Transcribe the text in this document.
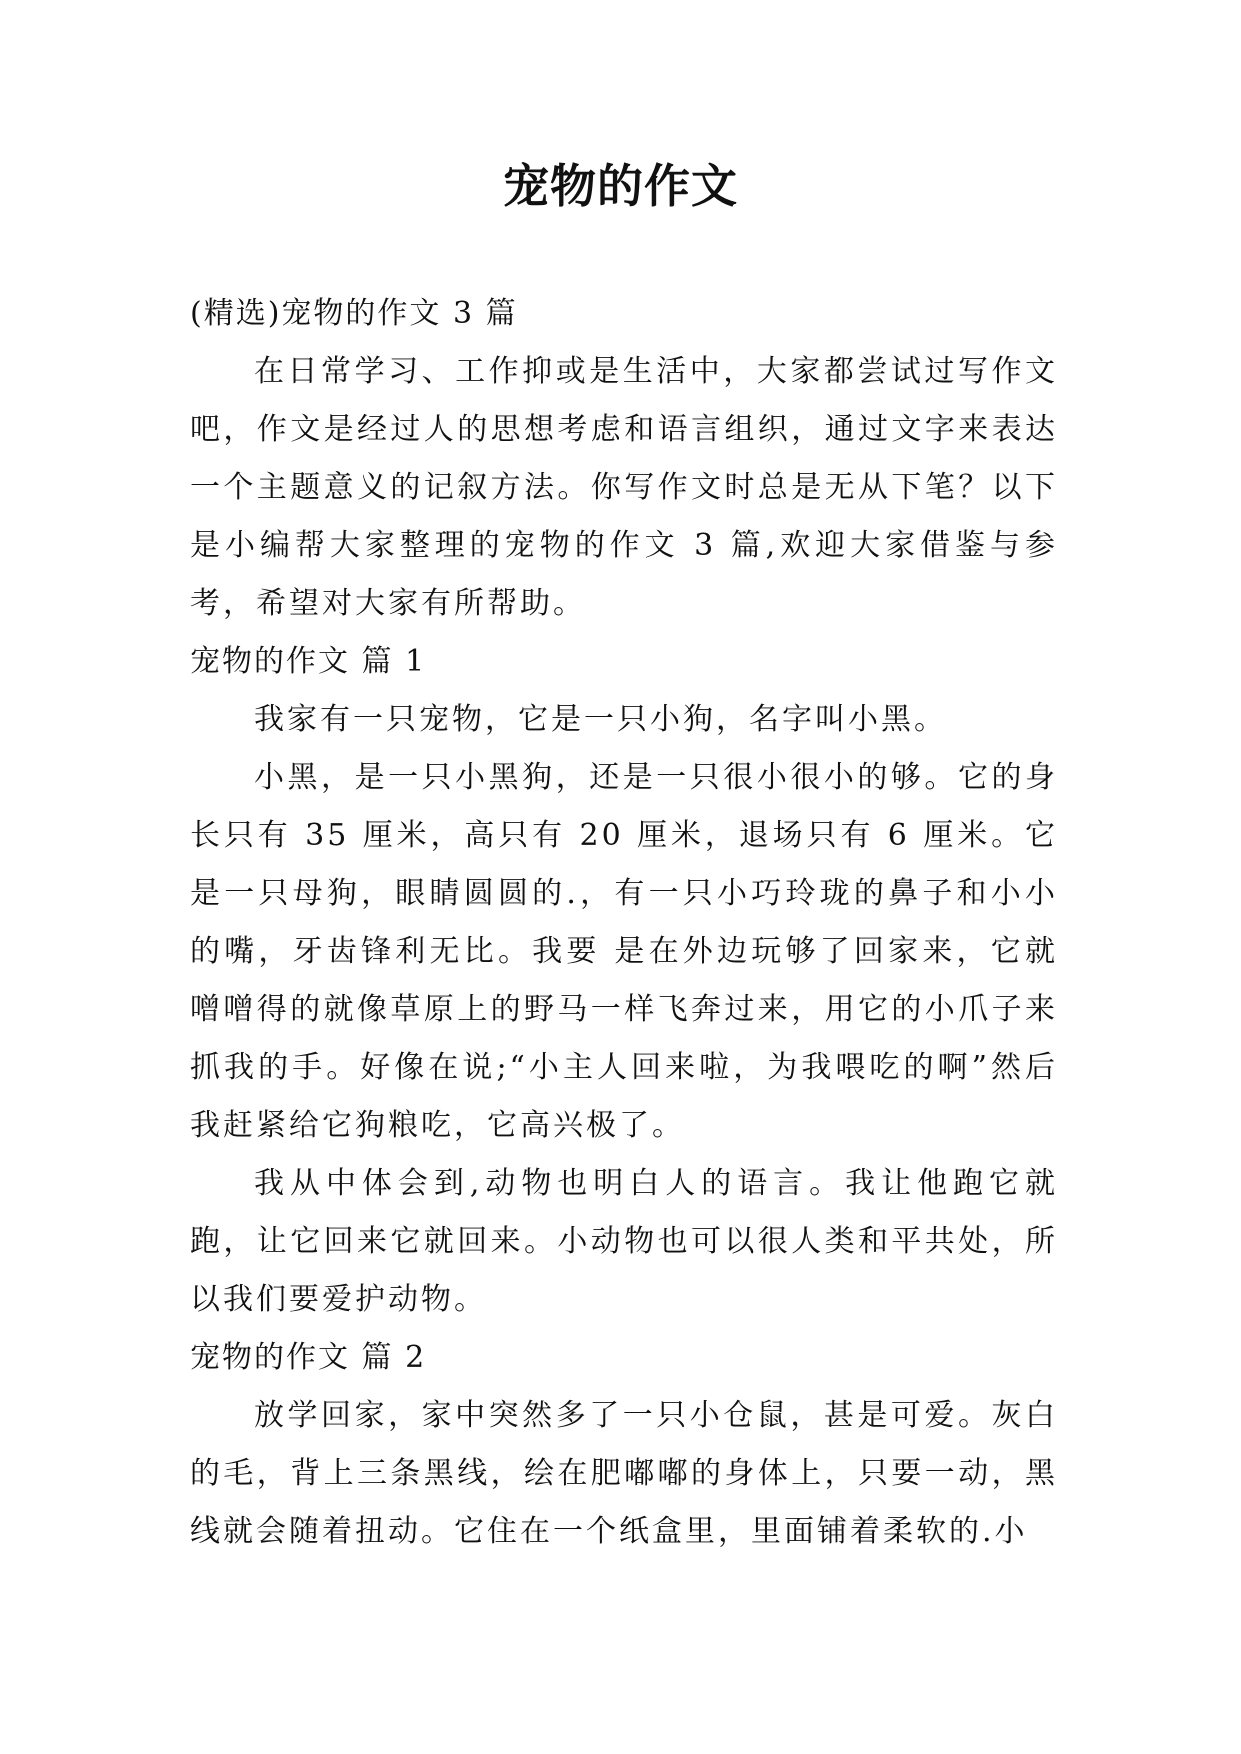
宠物的作文

(精选)宠物的作文 3 篇

在日常学习、工作抑或是生活中，大家都尝试过写作文吧，作文是经过人的思想考虑和语言组织，通过文字来表达一个主题意义的记叙方法。你写作文时总是无从下笔？以下是小编帮大家整理的宠物的作文 3 篇,欢迎大家借鉴与参考，希望对大家有所帮助。

宠物的作文 篇 1

我家有一只宠物，它是一只小狗，名字叫小黑。

小黑，是一只小黑狗，还是一只很小很小的够。它的身长只有 35 厘米，高只有 20 厘米，退场只有 6 厘米。它是一只母狗，眼睛圆圆的.，有一只小巧玲珑的鼻子和小小的嘴，牙齿锋利无比。我要 是在外边玩够了回家来，它就噌噌得的就像草原上的野马一样飞奔过来，用它的小爪子来抓我的手。好像在说;“小主人回来啦，为我喂吃的啊”然后我赶紧给它狗粮吃，它高兴极了。

我从中体会到,动物也明白人的语言。我让他跑它就跑，让它回来它就回来。小动物也可以很人类和平共处，所以我们要爱护动物。

宠物的作文 篇 2

放学回家，家中突然多了一只小仓鼠，甚是可爱。灰白的毛，背上三条黑线，绘在肥嘟嘟的身体上，只要一动，黑线就会随着扭动。它住在一个纸盒里，里面铺着柔软的.小
